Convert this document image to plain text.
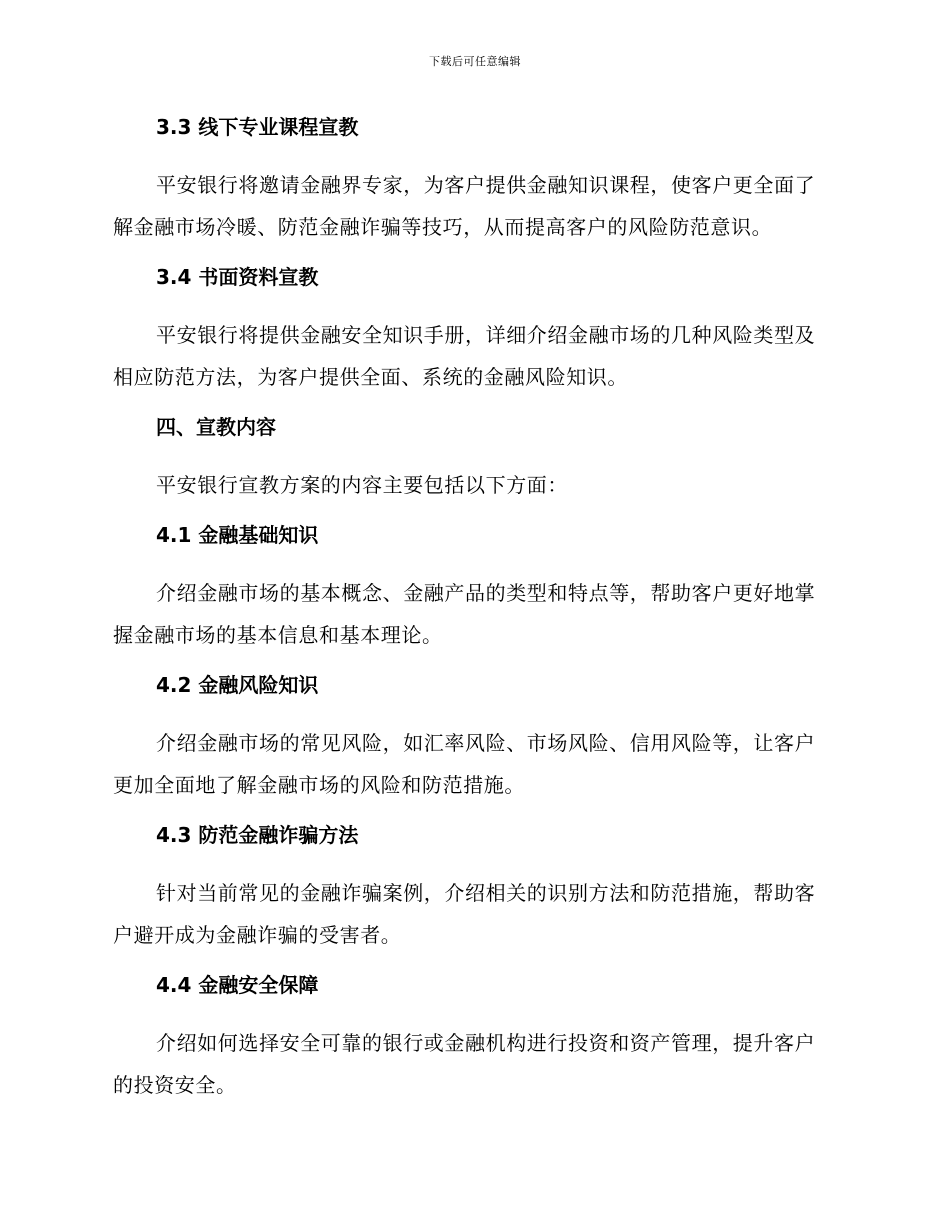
下载后可任意编辑
3.3 线下专业课程宣教

平安银行将邀请金融界专家，为客户提供金融知识课程，使客户更全面了解金融市场冷暖、防范金融诈骗等技巧，从而提高客户的风险防范意识。

3.4 书面资料宣教

平安银行将提供金融安全知识手册，详细介绍金融市场的几种风险类型及相应防范方法，为客户提供全面、系统的金融风险知识。

四、宣教内容

平安银行宣教方案的内容主要包括以下方面：

4.1 金融基础知识

介绍金融市场的基本概念、金融产品的类型和特点等，帮助客户更好地掌握金融市场的基本信息和基本理论。

4.2 金融风险知识

介绍金融市场的常见风险，如汇率风险、市场风险、信用风险等，让客户更加全面地了解金融市场的风险和防范措施。

4.3 防范金融诈骗方法

针对当前常见的金融诈骗案例，介绍相关的识别方法和防范措施，帮助客户避开成为金融诈骗的受害者。

4.4 金融安全保障

介绍如何选择安全可靠的银行或金融机构进行投资和资产管理，提升客户的投资安全。
